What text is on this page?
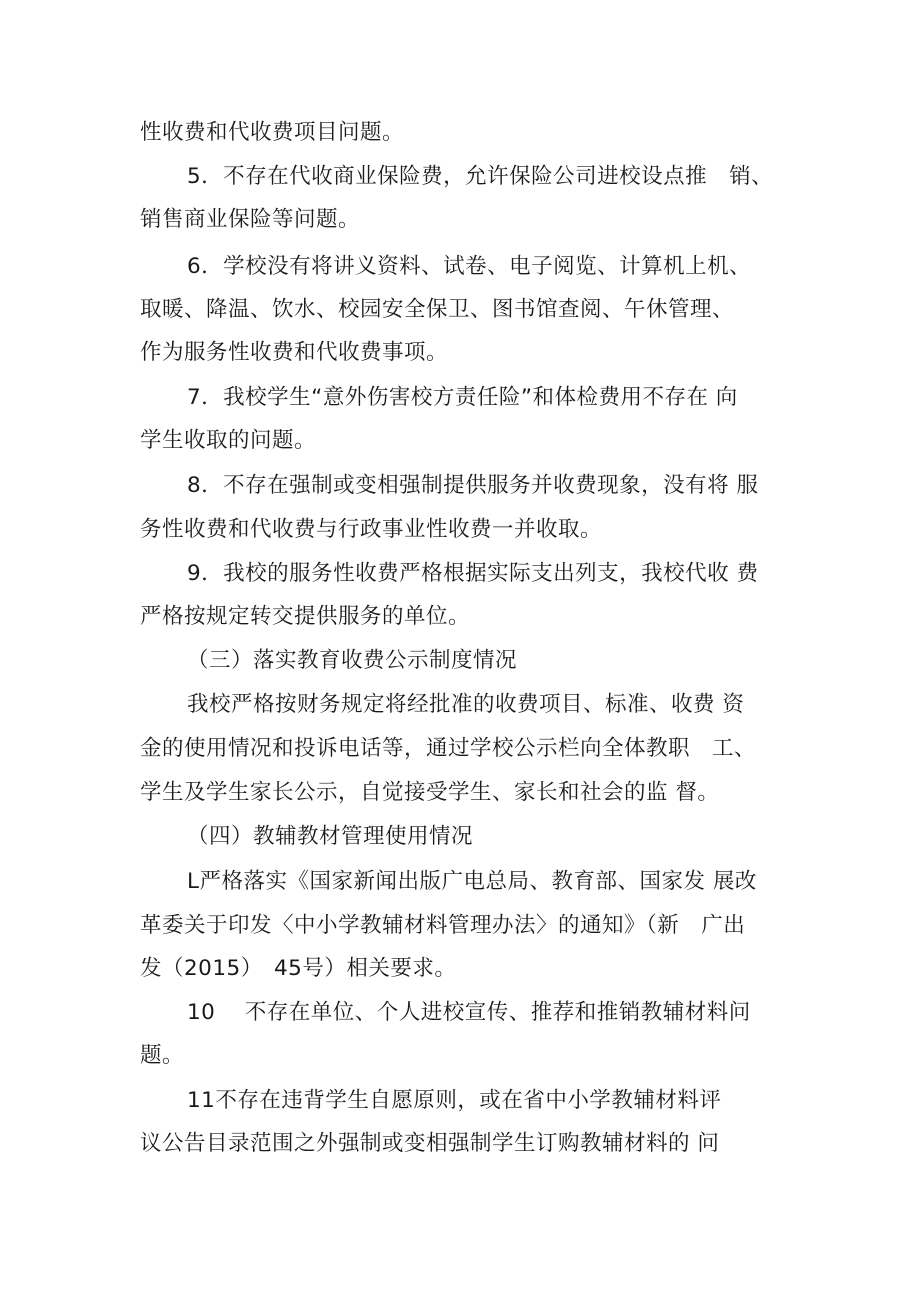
性收费和代收费项目问题。
5．不存在代收商业保险费，允许保险公司进校设点推　销、
销售商业保险等问题。
6．学校没有将讲义资料、试卷、电子阅览、计算机上机、
取暖、降温、饮水、校园安全保卫、图书馆查阅、午休管理、
作为服务性收费和代收费事项。
7．我校学生“意外伤害校方责任险”和体检费用不存在 向
学生收取的问题。
8．不存在强制或变相强制提供服务并收费现象，没有将 服
务性收费和代收费与行政事业性收费一并收取。
9．我校的服务性收费严格根据实际支出列支，我校代收 费
严格按规定转交提供服务的单位。
（三）落实教育收费公示制度情况
我校严格按财务规定将经批准的收费项目、标准、收费 资
金的使用情况和投诉电话等，通过学校公示栏向全体教职　工、
学生及学生家长公示，自觉接受学生、家长和社会的监 督。
（四）教辅教材管理使用情况
L严格落实《国家新闻出版广电总局、教育部、国家发 展改
革委关于印发〈中小学教辅材料管理办法〉的通知》（新　广出
发（2015）　45号）相关要求。
10　 不存在单位、个人进校宣传、推荐和推销教辅材料问
题。
11不存在违背学生自愿原则，或在省中小学教辅材料评
议公告目录范围之外强制或变相强制学生订购教辅材料的 问
